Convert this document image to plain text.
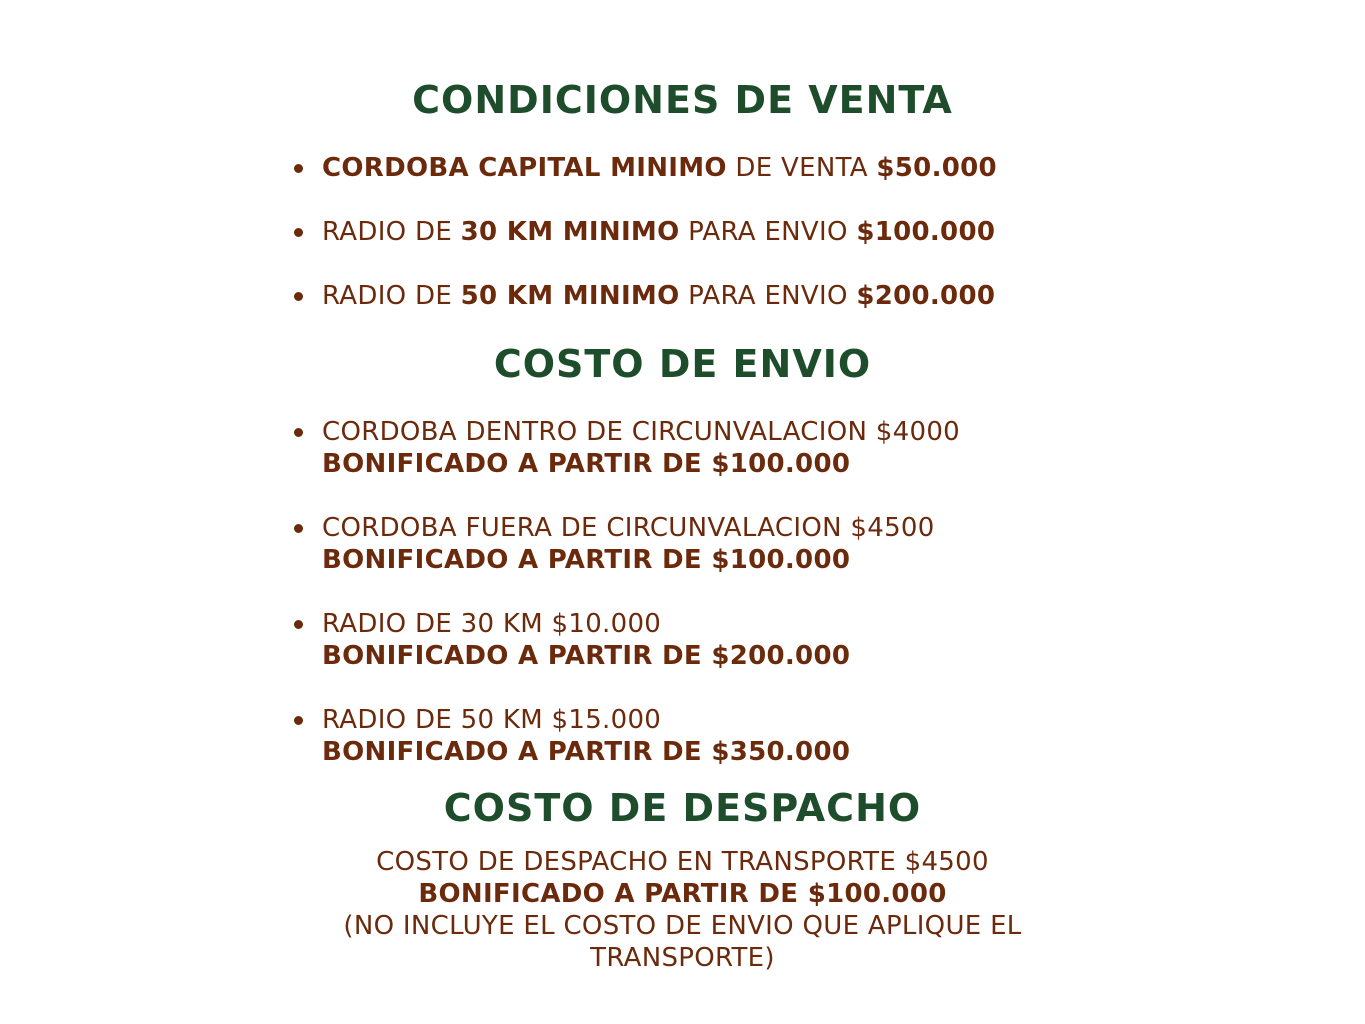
CONDICIONES DE VENTA
CORDOBA CAPITAL MINIMO DE VENTA $50.000
RADIO DE 30 KM MINIMO PARA ENVIO $100.000
RADIO DE 50 KM MINIMO PARA ENVIO $200.000
COSTO DE ENVIO
CORDOBA DENTRO DE CIRCUNVALACION $4000
BONIFICADO A PARTIR DE $100.000
CORDOBA FUERA DE CIRCUNVALACION $4500
BONIFICADO A PARTIR DE $100.000
RADIO DE 30 KM $10.000
BONIFICADO A PARTIR DE $200.000
RADIO DE 50 KM $15.000
BONIFICADO A PARTIR DE $350.000
COSTO DE DESPACHO
COSTO DE DESPACHO EN TRANSPORTE $4500
BONIFICADO A PARTIR DE $100.000
(NO INCLUYE EL COSTO DE ENVIO QUE APLIQUE EL
TRANSPORTE)
